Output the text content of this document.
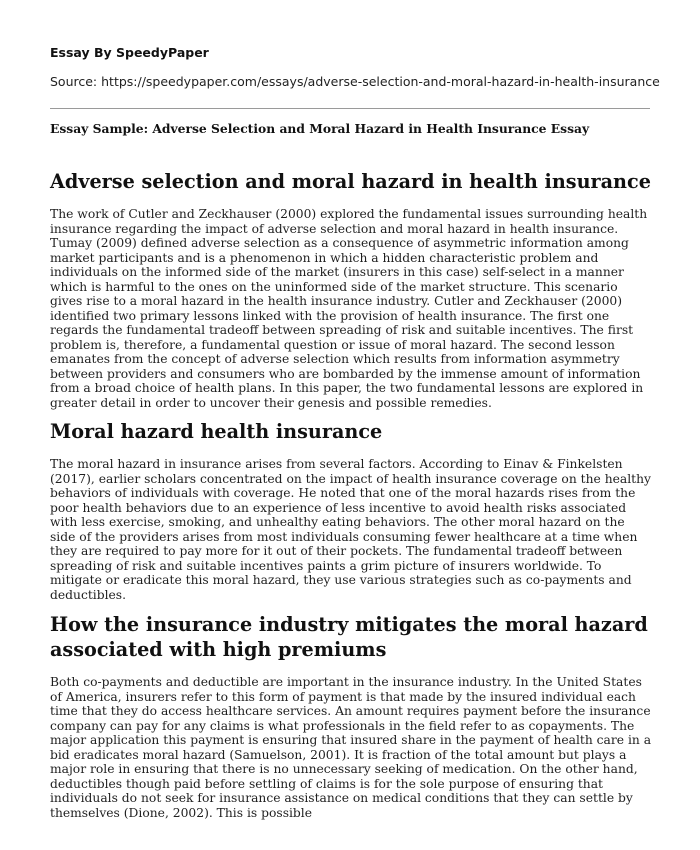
Essay By SpeedyPaper
Source: https://speedypaper.com/essays/adverse-selection-and-moral-hazard-in-health-insurance
Essay Sample: Adverse Selection and Moral Hazard in Health Insurance Essay
Adverse selection and moral hazard in health insurance

The work of Cutler and Zeckhauser (2000) explored the fundamental issues surrounding health insurance regarding the impact of adverse selection and moral hazard in health insurance. Tumay (2009) defined adverse selection as a consequence of asymmetric information among market participants and is a phenomenon in which a hidden characteristic problem and individuals on the informed side of the market (insurers in this case) self-select in a manner which is harmful to the ones on the uninformed side of the market structure. This scenario gives rise to a moral hazard in the health insurance industry. Cutler and Zeckhauser (2000) identified two primary lessons linked with the provision of health insurance. The first one regards the fundamental tradeoff between spreading of risk and suitable incentives. The first problem is, therefore, a fundamental question or issue of moral hazard. The second lesson emanates from the concept of adverse selection which results from information asymmetry between providers and consumers who are bombarded by the immense amount of information from a broad choice of health plans. In this paper, the two fundamental lessons are explored in greater detail in order to uncover their genesis and possible remedies.

Moral hazard health insurance

The moral hazard in insurance arises from several factors. According to Einav & Finkelsten (2017), earlier scholars concentrated on the impact of health insurance coverage on the healthy behaviors of individuals with coverage. He noted that one of the moral hazards rises from the poor health behaviors due to an experience of less incentive to avoid health risks associated with less exercise, smoking, and unhealthy eating behaviors. The other moral hazard on the side of the providers arises from most individuals consuming fewer healthcare at a time when they are required to pay more for it out of their pockets. The fundamental tradeoff between spreading of risk and suitable incentives paints a grim picture of insurers worldwide. To mitigate or eradicate this moral hazard, they use various strategies such as co-payments and deductibles.

How the insurance industry mitigates the moral hazard associated with high premiums

Both co-payments and deductible are important in the insurance industry. In the United States of America, insurers refer to this form of payment is that made by the insured individual each time that they do access healthcare services. An amount requires payment before the insurance company can pay for any claims is what professionals in the field refer to as copayments. The major application this payment is ensuring that insured share in the payment of health care in a bid eradicates moral hazard (Samuelson, 2001). It is fraction of the total amount but plays a major role in ensuring that there is no unnecessary seeking of medication. On the other hand, deductibles though paid before settling of claims is for the sole purpose of ensuring that individuals do not seek for insurance assistance on medical conditions that they can settle by themselves (Dione, 2002). This is possible
